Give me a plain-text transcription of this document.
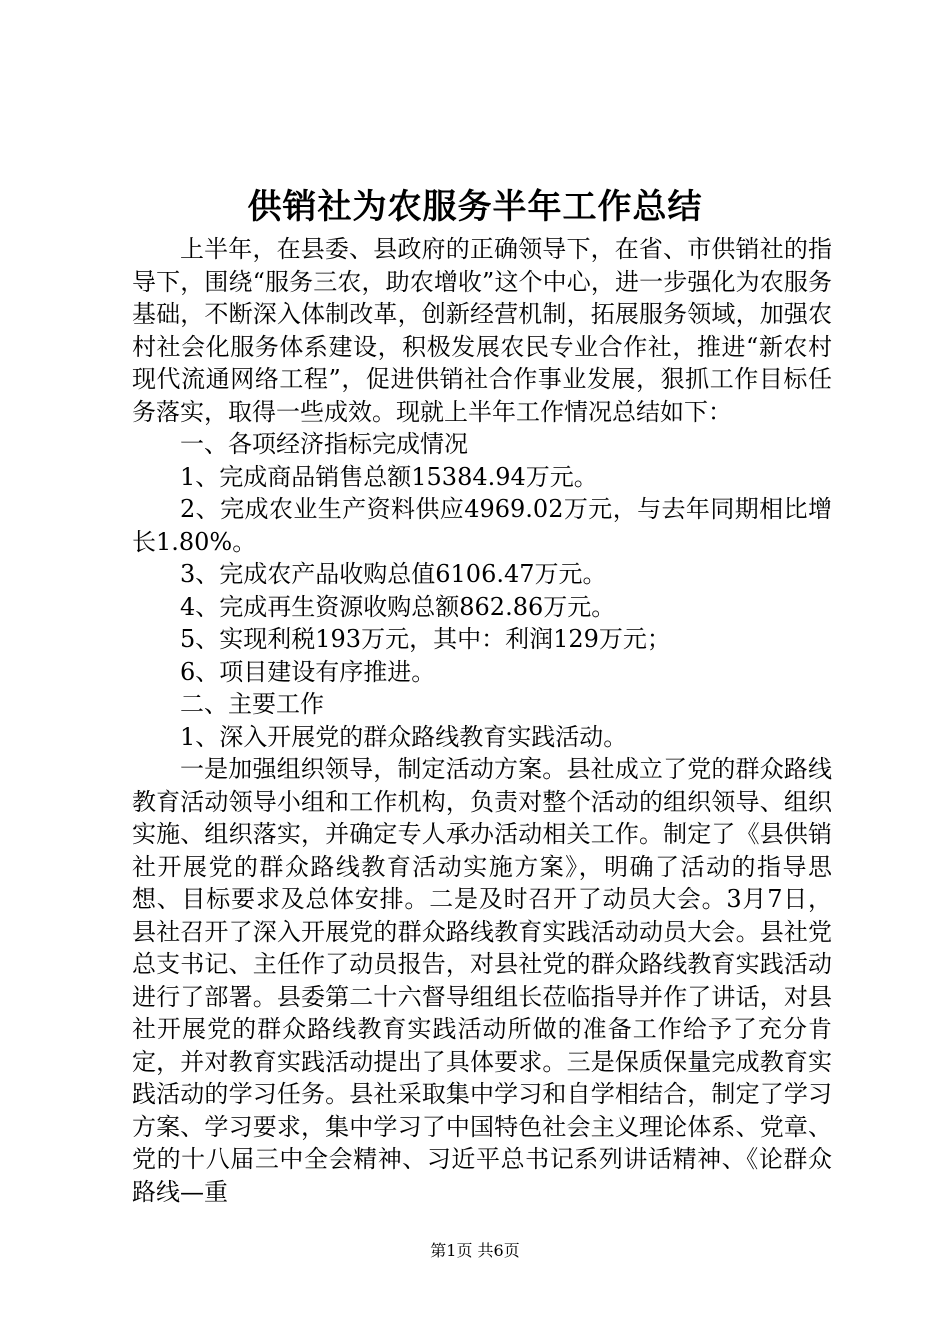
供销社为农服务半年工作总结

上半年，在县委、县政府的正确领导下，在省、市供销社的指导下，围绕“服务三农，助农增收”这个中心，进一步强化为农服务基础，不断深入体制改革，创新经营机制，拓展服务领域，加强农村社会化服务体系建设，积极发展农民专业合作社，推进“新农村现代流通网络工程”，促进供销社合作事业发展，狠抓工作目标任务落实，取得一些成效。现就上半年工作情况总结如下：

一、各项经济指标完成情况

1、完成商品销售总额15384.94万元。

2、完成农业生产资料供应4969.02万元，与去年同期相比增长1.80%。

3、完成农产品收购总值6106.47万元。

4、完成再生资源收购总额862.86万元。

5、实现利税193万元，其中：利润129万元；

6、项目建设有序推进。

二、主要工作

1、深入开展党的群众路线教育实践活动。

一是加强组织领导，制定活动方案。县社成立了党的群众路线教育活动领导小组和工作机构，负责对整个活动的组织领导、组织实施、组织落实，并确定专人承办活动相关工作。制定了《县供销社开展党的群众路线教育活动实施方案》，明确了活动的指导思想、目标要求及总体安排。二是及时召开了动员大会。3月7日，县社召开了深入开展党的群众路线教育实践活动动员大会。县社党总支书记、主任作了动员报告，对县社党的群众路线教育实践活动进行了部署。县委第二十六督导组组长莅临指导并作了讲话，对县社开展党的群众路线教育实践活动所做的准备工作给予了充分肯定，并对教育实践活动提出了具体要求。三是保质保量完成教育实践活动的学习任务。县社采取集中学习和自学相结合，制定了学习方案、学习要求，集中学习了中国特色社会主义理论体系、党章、党的十八届三中全会精神、习近平总书记系列讲话精神、《论群众路线—重

第1页 共6页
